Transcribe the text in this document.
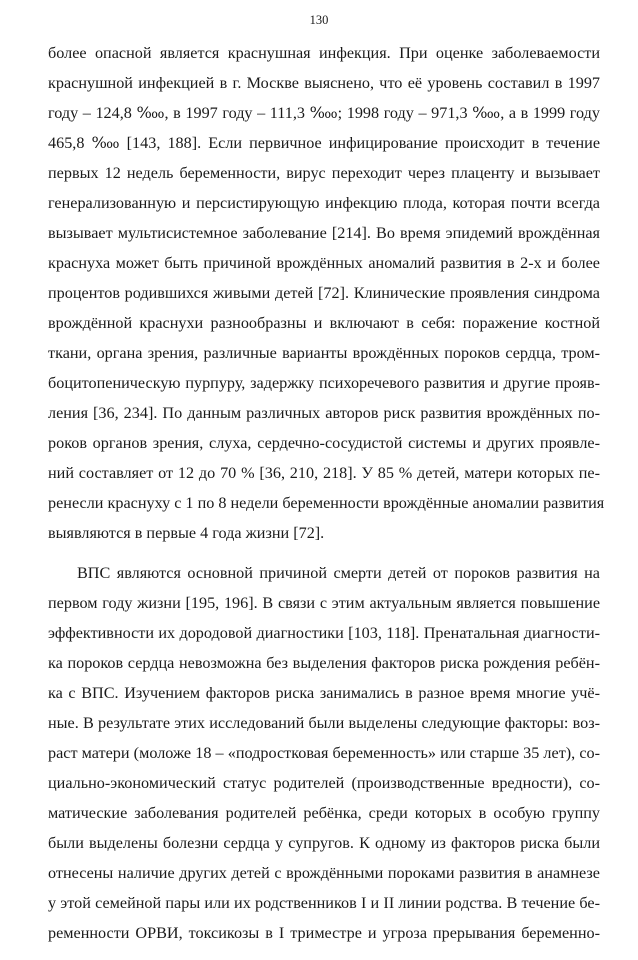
130
более опасной является краснушная инфекция. При оценке заболеваемости
краснушной инфекцией в г. Москве выяснено, что её уровень составил в 1997
году – 124,8 ‱, в 1997 году – 111,3 ‱; 1998 году – 971,3 ‱, а в 1999 году
465,8 ‱ [143, 188]. Если первичное инфицирование происходит в течение
первых 12 недель беременности, вирус переходит через плаценту и вызывает
генерализованную и персистирующую инфекцию плода, которая почти всегда
вызывает мультисистемное заболевание [214]. Во время эпидемий врождённая
краснуха может быть причиной врождённых аномалий развития в 2-х и более
процентов родившихся живыми детей [72]. Клинические проявления синдрома
врождённой краснухи разнообразны и включают в себя: поражение костной
ткани, органа зрения, различные варианты врождённых пороков сердца, тром-
боцитопеническую пурпуру, задержку психоречевого развития и другие прояв-
ления [36, 234]. По данным различных авторов риск развития врождённых по-
роков органов зрения, слуха, сердечно-сосудистой системы и других проявле-
ний составляет от 12 до 70 % [36, 210, 218]. У 85 % детей, матери которых пе-
ренесли краснуху с 1 по 8 недели беременности врождённые аномалии развития
выявляются в первые 4 года жизни [72].
ВПС являются основной причиной смерти детей от пороков развития на
первом году жизни [195, 196]. В связи с этим актуальным является повышение
эффективности их дородовой диагностики [103, 118]. Пренатальная диагности-
ка пороков сердца невозможна без выделения факторов риска рождения ребён-
ка с ВПС. Изучением факторов риска занимались в разное время многие учё-
ные. В результате этих исследований были выделены следующие факторы: воз-
раст матери (моложе 18 – «подростковая беременность» или старше 35 лет), со-
циально-экономический статус родителей (производственные вредности), со-
матические заболевания родителей ребёнка, среди которых в особую группу
были выделены болезни сердца у супругов. К одному из факторов риска были
отнесены наличие других детей с врождёнными пороками развития в анамнезе
у этой семейной пары или их родственников I и II линии родства. В течение бе-
ременности ОРВИ, токсикозы в I триместре и угроза прерывания беременно-
